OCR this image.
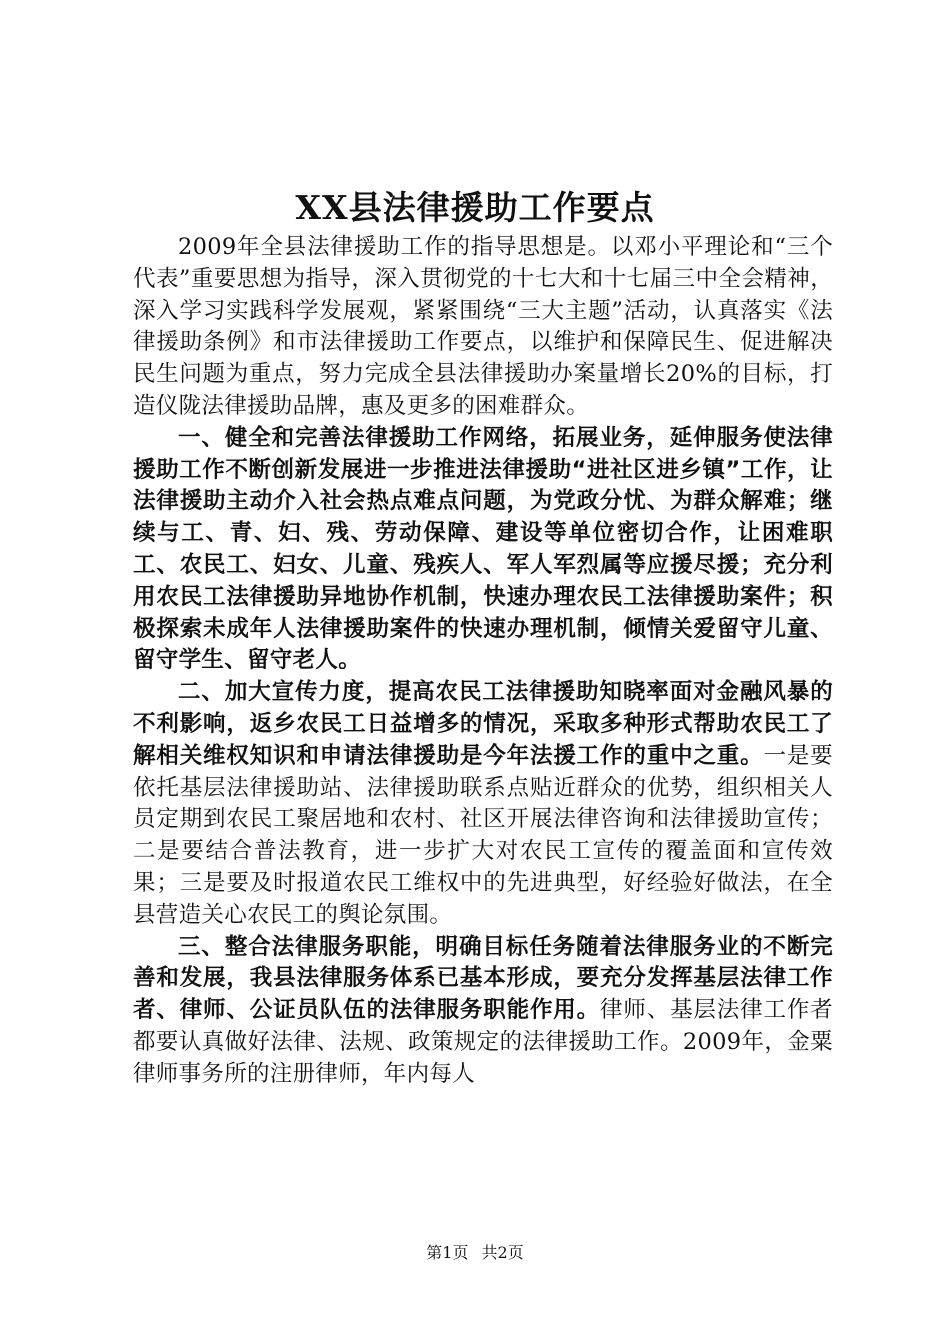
XX县法律援助工作要点

2009年全县法律援助工作的指导思想是。以邓小平理论和“三个代表”重要思想为指导，深入贯彻党的十七大和十七届三中全会精神，深入学习实践科学发展观，紧紧围绕“三大主题”活动，认真落实《法律援助条例》和市法律援助工作要点，以维护和保障民生、促进解决民生问题为重点，努力完成全县法律援助办案量增长20%的目标，打造仪陇法律援助品牌，惠及更多的困难群众。

一、健全和完善法律援助工作网络，拓展业务，延伸服务使法律援助工作不断创新发展进一步推进法律援助“进社区进乡镇”工作，让法律援助主动介入社会热点难点问题，为党政分忧、为群众解难；继续与工、青、妇、残、劳动保障、建设等单位密切合作，让困难职工、农民工、妇女、儿童、残疾人、军人军烈属等应援尽援；充分利用农民工法律援助异地协作机制，快速办理农民工法律援助案件；积极探索未成年人法律援助案件的快速办理机制，倾情关爱留守儿童、留守学生、留守老人。

二、加大宣传力度，提高农民工法律援助知晓率面对金融风暴的不利影响，返乡农民工日益增多的情况，采取多种形式帮助农民工了解相关维权知识和申请法律援助是今年法援工作的重中之重。一是要依托基层法律援助站、法律援助联系点贴近群众的优势，组织相关人员定期到农民工聚居地和农村、社区开展法律咨询和法律援助宣传；二是要结合普法教育，进一步扩大对农民工宣传的覆盖面和宣传效果；三是要及时报道农民工维权中的先进典型，好经验好做法，在全县营造关心农民工的舆论氛围。

三、整合法律服务职能，明确目标任务随着法律服务业的不断完善和发展，我县法律服务体系已基本形成，要充分发挥基层法律工作者、律师、公证员队伍的法律服务职能作用。律师、基层法律工作者都要认真做好法律、法规、政策规定的法律援助工作。2009年，金粟律师事务所的注册律师，年内每人

第1页 共2页
